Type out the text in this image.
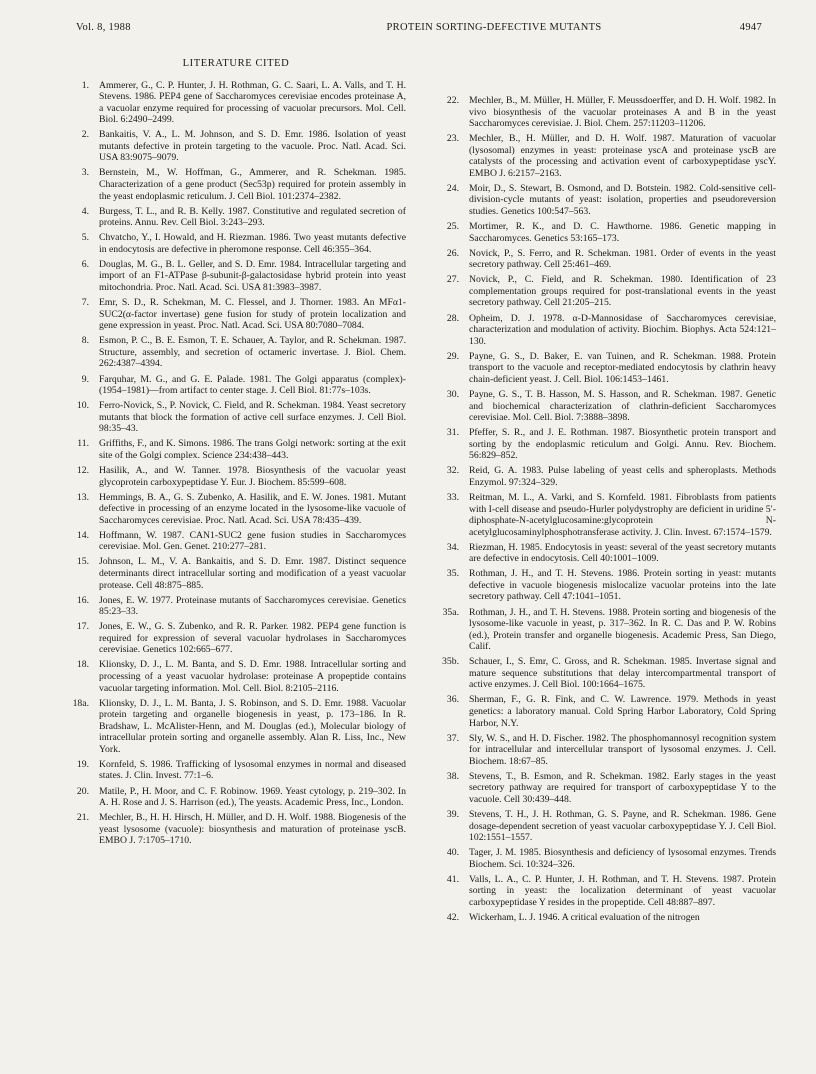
Vol. 8, 1988	PROTEIN SORTING-DEFECTIVE MUTANTS	4947
LITERATURE CITED
1. Ammerer, G., C. P. Hunter, J. H. Rothman, G. C. Saari, L. A. Valls, and T. H. Stevens. 1986. PEP4 gene of Saccharomyces cerevisiae encodes proteinase A, a vacuolar enzyme required for processing of vacuolar precursors. Mol. Cell. Biol. 6:2490–2499.
2. Bankaitis, V. A., L. M. Johnson, and S. D. Emr. 1986. Isolation of yeast mutants defective in protein targeting to the vacuole. Proc. Natl. Acad. Sci. USA 83:9075–9079.
3. Bernstein, M., W. Hoffman, G., Ammerer, and R. Schekman. 1985. Characterization of a gene product (Sec53p) required for protein assembly in the yeast endoplasmic reticulum. J. Cell Biol. 101:2374–2382.
4. Burgess, T. L., and R. B. Kelly. 1987. Constitutive and regulated secretion of proteins. Annu. Rev. Cell Biol. 3:243–293.
5. Chvatcho, Y., I. Howald, and H. Riezman. 1986. Two yeast mutants defective in endocytosis are defective in pheromone response. Cell 46:355–364.
6. Douglas, M. G., B. L. Geller, and S. D. Emr. 1984. Intracellular targeting and import of an F1-ATPase β-subunit-β-galactosidase hybrid protein into yeast mitochondria. Proc. Natl. Acad. Sci. USA 81:3983–3987.
7. Emr, S. D., R. Schekman, M. C. Flessel, and J. Thorner. 1983. An MFα1-SUC2(α-factor invertase) gene fusion for study of protein localization and gene expression in yeast. Proc. Natl. Acad. Sci. USA 80:7080–7084.
8. Esmon, P. C., B. E. Esmon, T. E. Schauer, A. Taylor, and R. Schekman. 1987. Structure, assembly, and secretion of octameric invertase. J. Biol. Chem. 262:4387–4394.
9. Farquhar, M. G., and G. E. Palade. 1981. The Golgi apparatus (complex)-(1954–1981)—from artifact to center stage. J. Cell Biol. 81:77s–103s.
10. Ferro-Novick, S., P. Novick, C. Field, and R. Schekman. 1984. Yeast secretory mutants that block the formation of active cell surface enzymes. J. Cell Biol. 98:35–43.
11. Griffiths, F., and K. Simons. 1986. The trans Golgi network: sorting at the exit site of the Golgi complex. Science 234:438–443.
12. Hasilik, A., and W. Tanner. 1978. Biosynthesis of the vacuolar yeast glycoprotein carboxypeptidase Y. Eur. J. Biochem. 85:599–608.
13. Hemmings, B. A., G. S. Zubenko, A. Hasilik, and E. W. Jones. 1981. Mutant defective in processing of an enzyme located in the lysosome-like vacuole of Saccharomyces cerevisiae. Proc. Natl. Acad. Sci. USA 78:435–439.
14. Hoffmann, W. 1987. CAN1-SUC2 gene fusion studies in Saccharomyces cerevisiae. Mol. Gen. Genet. 210:277–281.
15. Johnson, L. M., V. A. Bankaitis, and S. D. Emr. 1987. Distinct sequence determinants direct intracellular sorting and modification of a yeast vacuolar protease. Cell 48:875–885.
16. Jones, E. W. 1977. Proteinase mutants of Saccharomyces cerevisiae. Genetics 85:23–33.
17. Jones, E. W., G. S. Zubenko, and R. R. Parker. 1982. PEP4 gene function is required for expression of several vacuolar hydrolases in Saccharomyces cerevisiae. Genetics 102:665–677.
18. Klionsky, D. J., L. M. Banta, and S. D. Emr. 1988. Intracellular sorting and processing of a yeast vacuolar hydrolase: proteinase A propeptide contains vacuolar targeting information. Mol. Cell. Biol. 8:2105–2116.
18a. Klionsky, D. J., L. M. Banta, J. S. Robinson, and S. D. Emr. 1988. Vacuolar protein targeting and organelle biogenesis in yeast, p. 173–186. In R. Bradshaw, L. McAlister-Henn, and M. Douglas (ed.), Molecular biology of intracellular protein sorting and organelle assembly. Alan R. Liss, Inc., New York.
19. Kornfeld, S. 1986. Trafficking of lysosomal enzymes in normal and diseased states. J. Clin. Invest. 77:1–6.
20. Matile, P., H. Moor, and C. F. Robinow. 1969. Yeast cytology, p. 219–302. In A. H. Rose and J. S. Harrison (ed.), The yeasts. Academic Press, Inc., London.
21. Mechler, B., H. H. Hirsch, H. Müller, and D. H. Wolf. 1988. Biogenesis of the yeast lysosome (vacuole): biosynthesis and maturation of proteinase yscB. EMBO J. 7:1705–1710.
22. Mechler, B., M. Müller, H. Müller, F. Meussdoerffer, and D. H. Wolf. 1982. In vivo biosynthesis of the vacuolar proteinases A and B in the yeast Saccharomyces cerevisiae. J. Biol. Chem. 257:11203–11206.
23. Mechler, B., H. Müller, and D. H. Wolf. 1987. Maturation of vacuolar (lysosomal) enzymes in yeast: proteinase yscA and proteinase yscB are catalysts of the processing and activation event of carboxypeptidase yscY. EMBO J. 6:2157–2163.
24. Moir, D., S. Stewart, B. Osmond, and D. Botstein. 1982. Cold-sensitive cell-division-cycle mutants of yeast: isolation, properties and pseudoreversion studies. Genetics 100:547–563.
25. Mortimer, R. K., and D. C. Hawthorne. 1986. Genetic mapping in Saccharomyces. Genetics 53:165–173.
26. Novick, P., S. Ferro, and R. Schekman. 1981. Order of events in the yeast secretory pathway. Cell 25:461–469.
27. Novick, P., C. Field, and R. Schekman. 1980. Identification of 23 complementation groups required for post-translational events in the yeast secretory pathway. Cell 21:205–215.
28. Opheim, D. J. 1978. α-D-Mannosidase of Saccharomyces cerevisiae, characterization and modulation of activity. Biochim. Biophys. Acta 524:121–130.
29. Payne, G. S., D. Baker, E. van Tuinen, and R. Schekman. 1988. Protein transport to the vacuole and receptor-mediated endocytosis by clathrin heavy chain-deficient yeast. J. Cell. Biol. 106:1453–1461.
30. Payne, G. S., T. B. Hasson, M. S. Hasson, and R. Schekman. 1987. Genetic and biochemical characterization of clathrin-deficient Saccharomyces cerevisiae. Mol. Cell. Biol. 7:3888–3898.
31. Pfeffer, S. R., and J. E. Rothman. 1987. Biosynthetic protein transport and sorting by the endoplasmic reticulum and Golgi. Annu. Rev. Biochem. 56:829–852.
32. Reid, G. A. 1983. Pulse labeling of yeast cells and spheroplasts. Methods Enzymol. 97:324–329.
33. Reitman, M. L., A. Varki, and S. Kornfeld. 1981. Fibroblasts from patients with I-cell disease and pseudo-Hurler polydystrophy are deficient in uridine 5′-diphosphate-N-acetylglucosamine:glycoprotein N-acetylglucosaminylphosphotransferase activity. J. Clin. Invest. 67:1574–1579.
34. Riezman, H. 1985. Endocytosis in yeast: several of the yeast secretory mutants are defective in endocytosis. Cell 40:1001–1009.
35. Rothman, J. H., and T. H. Stevens. 1986. Protein sorting in yeast: mutants defective in vacuole biogenesis mislocalize vacuolar proteins into the late secretory pathway. Cell 47:1041–1051.
35a. Rothman, J. H., and T. H. Stevens. 1988. Protein sorting and biogenesis of the lysosome-like vacuole in yeast, p. 317–362. In R. C. Das and P. W. Robins (ed.), Protein transfer and organelle biogenesis. Academic Press, San Diego, Calif.
35b. Schauer, I., S. Emr, C. Gross, and R. Schekman. 1985. Invertase signal and mature sequence substitutions that delay intercompartmental transport of active enzymes. J. Cell Biol. 100:1664–1675.
36. Sherman, F., G. R. Fink, and C. W. Lawrence. 1979. Methods in yeast genetics: a laboratory manual. Cold Spring Harbor Laboratory, Cold Spring Harbor, N.Y.
37. Sly, W. S., and H. D. Fischer. 1982. The phosphomannosyl recognition system for intracellular and intercellular transport of lysosomal enzymes. J. Cell. Biochem. 18:67–85.
38. Stevens, T., B. Esmon, and R. Schekman. 1982. Early stages in the yeast secretory pathway are required for transport of carboxypeptidase Y to the vacuole. Cell 30:439–448.
39. Stevens, T. H., J. H. Rothman, G. S. Payne, and R. Schekman. 1986. Gene dosage-dependent secretion of yeast vacuolar carboxypeptidase Y. J. Cell Biol. 102:1551–1557.
40. Tager, J. M. 1985. Biosynthesis and deficiency of lysosomal enzymes. Trends Biochem. Sci. 10:324–326.
41. Valls, L. A., C. P. Hunter, J. H. Rothman, and T. H. Stevens. 1987. Protein sorting in yeast: the localization determinant of yeast vacuolar carboxypeptidase Y resides in the propeptide. Cell 48:887–897.
42. Wickerham, L. J. 1946. A critical evaluation of the nitrogen
